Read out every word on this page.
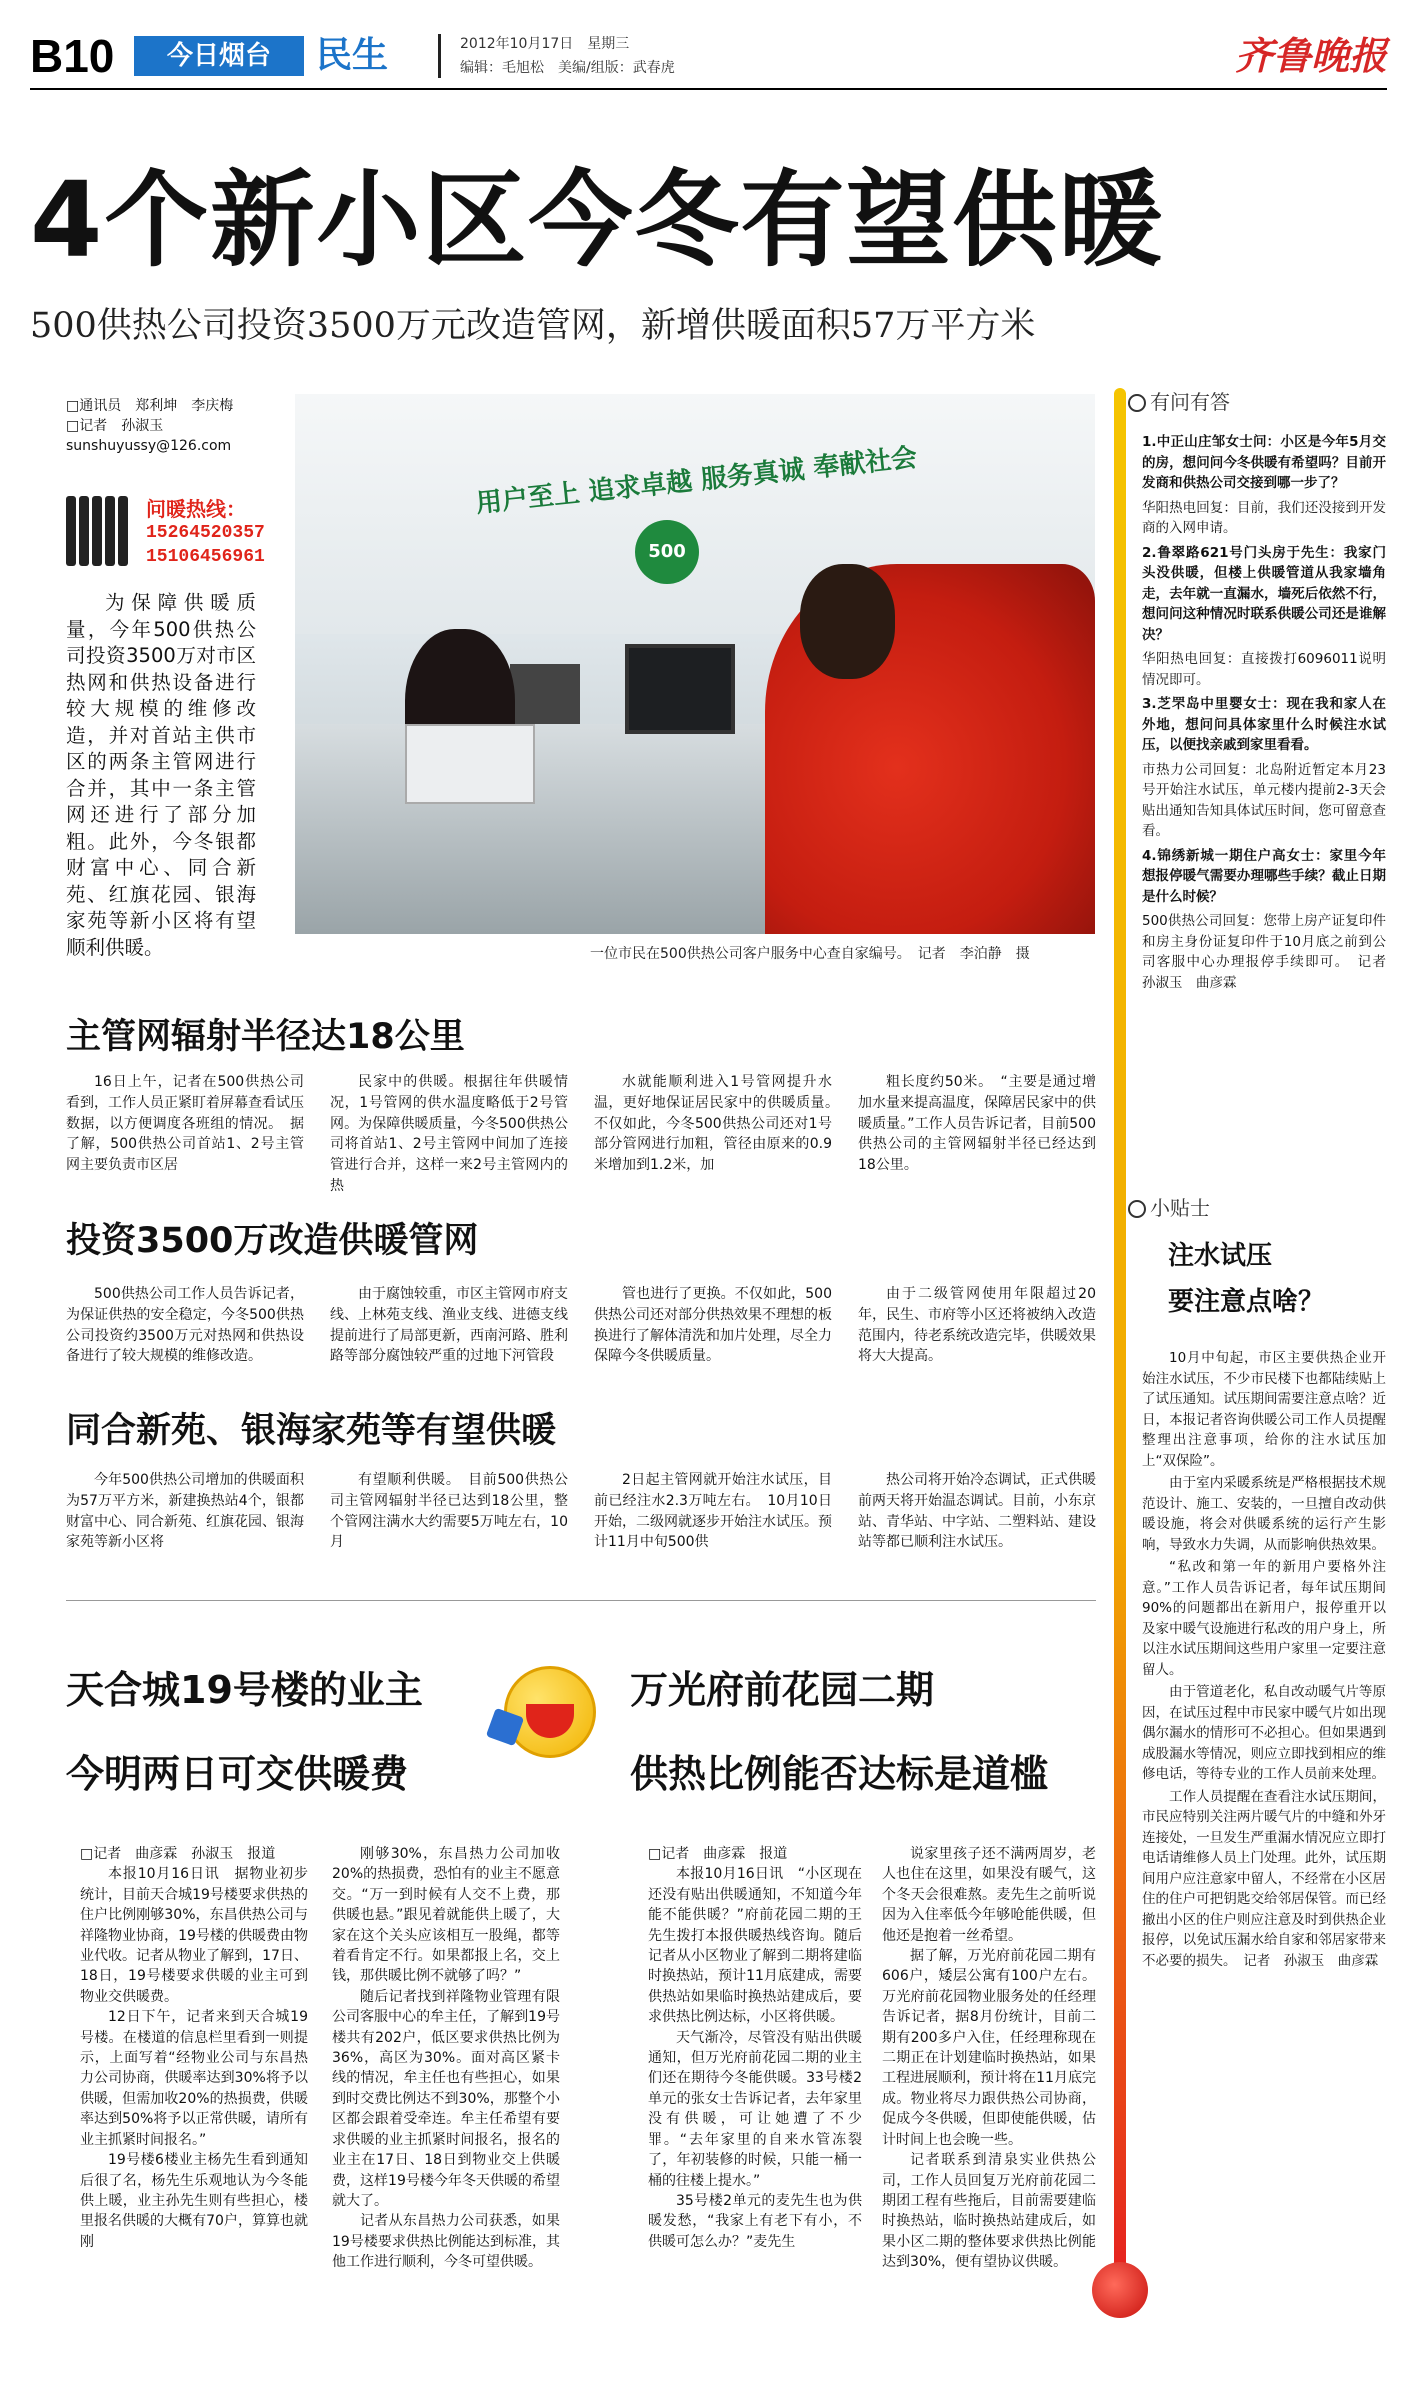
B10	今日烟台	民生	2012年10月17日　星期三
编辑：毛旭松　美编/组版：武春虎	齐鲁晚报
4个新小区今冬有望供暖
500供热公司投资3500万元改造管网，新增供暖面积57万平方米
□通讯员　郑利坤　李庆梅
□记者　孙淑玉
sunshuyussy@126.com
问暖热线：
15264520357
15106456961
为保障供暖质量，今年500供热公司投资3500万对市区热网和供热设备进行较大规模的维修改造，并对首站主供市区的两条主管网进行合并，其中一条主管网还进行了部分加粗。此外，今冬银都财富中心、同合新苑、红旗花园、银海家苑等新小区将有望顺利供暖。
用户至上 追求卓越 服务真诚 奉献社会
500
一位市民在500供热公司客户服务中心查自家编号。　记者　李泊静　摄
主管网辐射半径达18公里

16日上午，记者在500供热公司看到，工作人员正紧盯着屏幕查看试压数据，以方便调度各班组的情况。　据了解，500供热公司首站1、2号主管网主要负责市区居

民家中的供暖。根据往年供暖情况，1号管网的供水温度略低于2号管网。为保障供暖质量，今冬500供热公司将首站1、2号主管网中间加了连接管进行合并，这样一来2号主管网内的热

水就能顺利进入1号管网提升水温，更好地保证居民家中的供暖质量。　不仅如此，今冬500供热公司还对1号部分管网进行加粗，管径由原来的0.9米增加到1.2米，加

粗长度约50米。　“主要是通过增加水量来提高温度，保障居民家中的供暖质量。”工作人员告诉记者，目前500供热公司的主管网辐射半径已经达到18公里。

投资3500万改造供暖管网

500供热公司工作人员告诉记者，为保证供热的安全稳定，今冬500供热公司投资约3500万元对热网和供热设备进行了较大规模的维修改造。

由于腐蚀较重，市区主管网市府支线、上林苑支线、渔业支线、进德支线提前进行了局部更新，西南河路、胜利路等部分腐蚀较严重的过地下河管段

管也进行了更换。不仅如此，500供热公司还对部分供热效果不理想的板换进行了解体清洗和加片处理，尽全力保障今冬供暖质量。

由于二级管网使用年限超过20年，民生、市府等小区还将被纳入改造范围内，待老系统改造完毕，供暖效果将大大提高。

同合新苑、银海家苑等有望供暖

今年500供热公司增加的供暖面积为57万平方米，新建换热站4个，银都财富中心、同合新苑、红旗花园、银海家苑等新小区将

有望顺利供暖。　目前500供热公司主管网辐射半径已达到18公里，整个管网注满水大约需要5万吨左右，10月

2日起主管网就开始注水试压，目前已经注水2.3万吨左右。　10月10日开始，二级网就逐步开始注水试压。预计11月中旬500供

热公司将开始冷态调试，正式供暖前两天将开始温态调试。目前，小东京站、青华站、中字站、二塑料站、建设站等都已顺利注水试压。

天合城19号楼的业主
今明两日可交供暖费
万光府前花园二期
供热比例能否达标是道槛
□记者　曲彦霖　孙淑玉　报道

本报10月16日讯　据物业初步统计，目前天合城19号楼要求供热的住户比例刚够30%，东昌供热公司与祥隆物业协商，19号楼的供暖费由物业代收。记者从物业了解到，17日、18日，19号楼要求供暖的业主可到物业交供暖费。

12日下午，记者来到天合城19号楼。在楼道的信息栏里看到一则提示，上面写着“经物业公司与东昌热力公司协商，供暖率达到30%将予以供暖，但需加收20%的热损费，供暖率达到50%将予以正常供暖，请所有业主抓紧时间报名。”

19号楼6楼业主杨先生看到通知后很了名，杨先生乐观地认为今冬能供上暖，业主孙先生则有些担心，楼里报名供暖的大概有70户，算算也就刚

刚够30%，东昌热力公司加收20%的热损费，恐怕有的业主不愿意交。“万一到时候有人交不上费，那供暖也悬。”跟见着就能供上暖了，大家在这个关头应该相互一股绳，都等着看肯定不行。如果都报上名，交上钱，那供暖比例不就够了吗？”

随后记者找到祥隆物业管理有限公司客服中心的牟主任，了解到19号楼共有202户，低区要求供热比例为36%，高区为30%。面对高区紧卡线的情况，牟主任也有些担心，如果到时交费比例达不到30%，那整个小区都会跟着受牵连。牟主任希望有要求供暖的业主抓紧时间报名，报名的业主在17日、18日到物业交上供暖费，这样19号楼今年冬天供暖的希望就大了。

记者从东昌热力公司获悉，如果19号楼要求供热比例能达到标准，其他工作进行顺利，今冬可望供暖。

□记者　曲彦霖　报道

本报10月16日讯　“小区现在还没有贴出供暖通知，不知道今年能不能供暖？”府前花园二期的王先生拨打本报供暖热线咨询。随后记者从小区物业了解到二期将建临时换热站，预计11月底建成，需要供热站如果临时换热站建成后，要求供热比例达标，小区将供暖。

天气渐冷，尽管没有贴出供暖通知，但万光府前花园二期的业主们还在期待今冬能供暖。33号楼2单元的张女士告诉记者，去年家里没有供暖，可让她遭了不少罪。“去年家里的自来水管冻裂了，年初装修的时候，只能一桶一桶的往楼上提水。”

35号楼2单元的麦先生也为供暖发愁，“我家上有老下有小，不供暖可怎么办？”麦先生

说家里孩子还不满两周岁，老人也住在这里，如果没有暖气，这个冬天会很难熬。麦先生之前听说因为入住率低今年够呛能供暖，但他还是抱着一丝希望。

据了解，万光府前花园二期有606户，矮层公寓有100户左右。万光府前花园物业服务处的任经理告诉记者，据8月份统计，目前二期有200多户入住，任经理称现在二期正在计划建临时换热站，如果工程进展顺利，预计将在11月底完成。物业将尽力跟供热公司协商，促成今冬供暖，但即使能供暖，估计时间上也会晚一些。

记者联系到清泉实业供热公司，工作人员回复万光府前花园二期团工程有些拖后，目前需要建临时换热站，临时换热站建成后，如果小区二期的整体要求供热比例能达到30%，便有望协议供暖。

有问有答

1.中正山庄邹女士问：小区是今年5月交的房，想问问今冬供暖有希望吗？目前开发商和供热公司交接到哪一步了？

华阳热电回复：目前，我们还没接到开发商的入网申请。

2.鲁翠路621号门头房于先生：我家门头没供暖，但楼上供暖管道从我家墙角走，去年就一直漏水，墙死后依然不行，想问问这种情况时联系供暖公司还是谁解决？

华阳热电回复：直接拨打6096011说明情况即可。

3.芝罘岛中里婴女士：现在我和家人在外地，想问问具体家里什么时候注水试压，以便找亲戚到家里看看。

市热力公司回复：北岛附近暂定本月23号开始注水试压，单元楼内提前2-3天会贴出通知告知具体试压时间，您可留意查看。

4.锦绣新城一期住户高女士：家里今年想报停暖气需要办理哪些手续？截止日期是什么时候？

500供热公司回复：您带上房产证复印件和房主身份证复印件于10月底之前到公司客服中心办理报停手续即可。　记者　孙淑玉　曲彦霖

小贴士
注水试压
要注意点啥？

10月中旬起，市区主要供热企业开始注水试压，不少市民楼下也都陆续贴上了试压通知。试压期间需要注意点啥？近日，本报记者咨询供暖公司工作人员提醒整理出注意事项，给你的注水试压加上“双保险”。

由于室内采暖系统是严格根据技术规范设计、施工、安装的，一旦擅自改动供暖设施，将会对供暖系统的运行产生影响，导致水力失调，从而影响供热效果。

“私改和第一年的新用户要格外注意。”工作人员告诉记者，每年试压期间90%的问题都出在新用户，报停重开以及家中暖气设施进行私改的用户身上，所以注水试压期间这些用户家里一定要注意留人。

由于管道老化，私自改动暖气片等原因，在试压过程中市民家中暖气片如出现偶尔漏水的情形可不必担心。但如果遇到成股漏水等情况，则应立即找到相应的维修电话，等待专业的工作人员前来处理。

工作人员提醒在查看注水试压期间，市民应特别关注两片暖气片的中缝和外牙连接处，一旦发生严重漏水情况应立即打电话请维修人员上门处理。此外，试压期间用户应注意家中留人，不经常在小区居住的住户可把钥匙交给邻居保管。而已经撤出小区的住户则应注意及时到供热企业报停，以免试压漏水给自家和邻居家带来不必要的损失。　记者　孙淑玉　曲彦霖
